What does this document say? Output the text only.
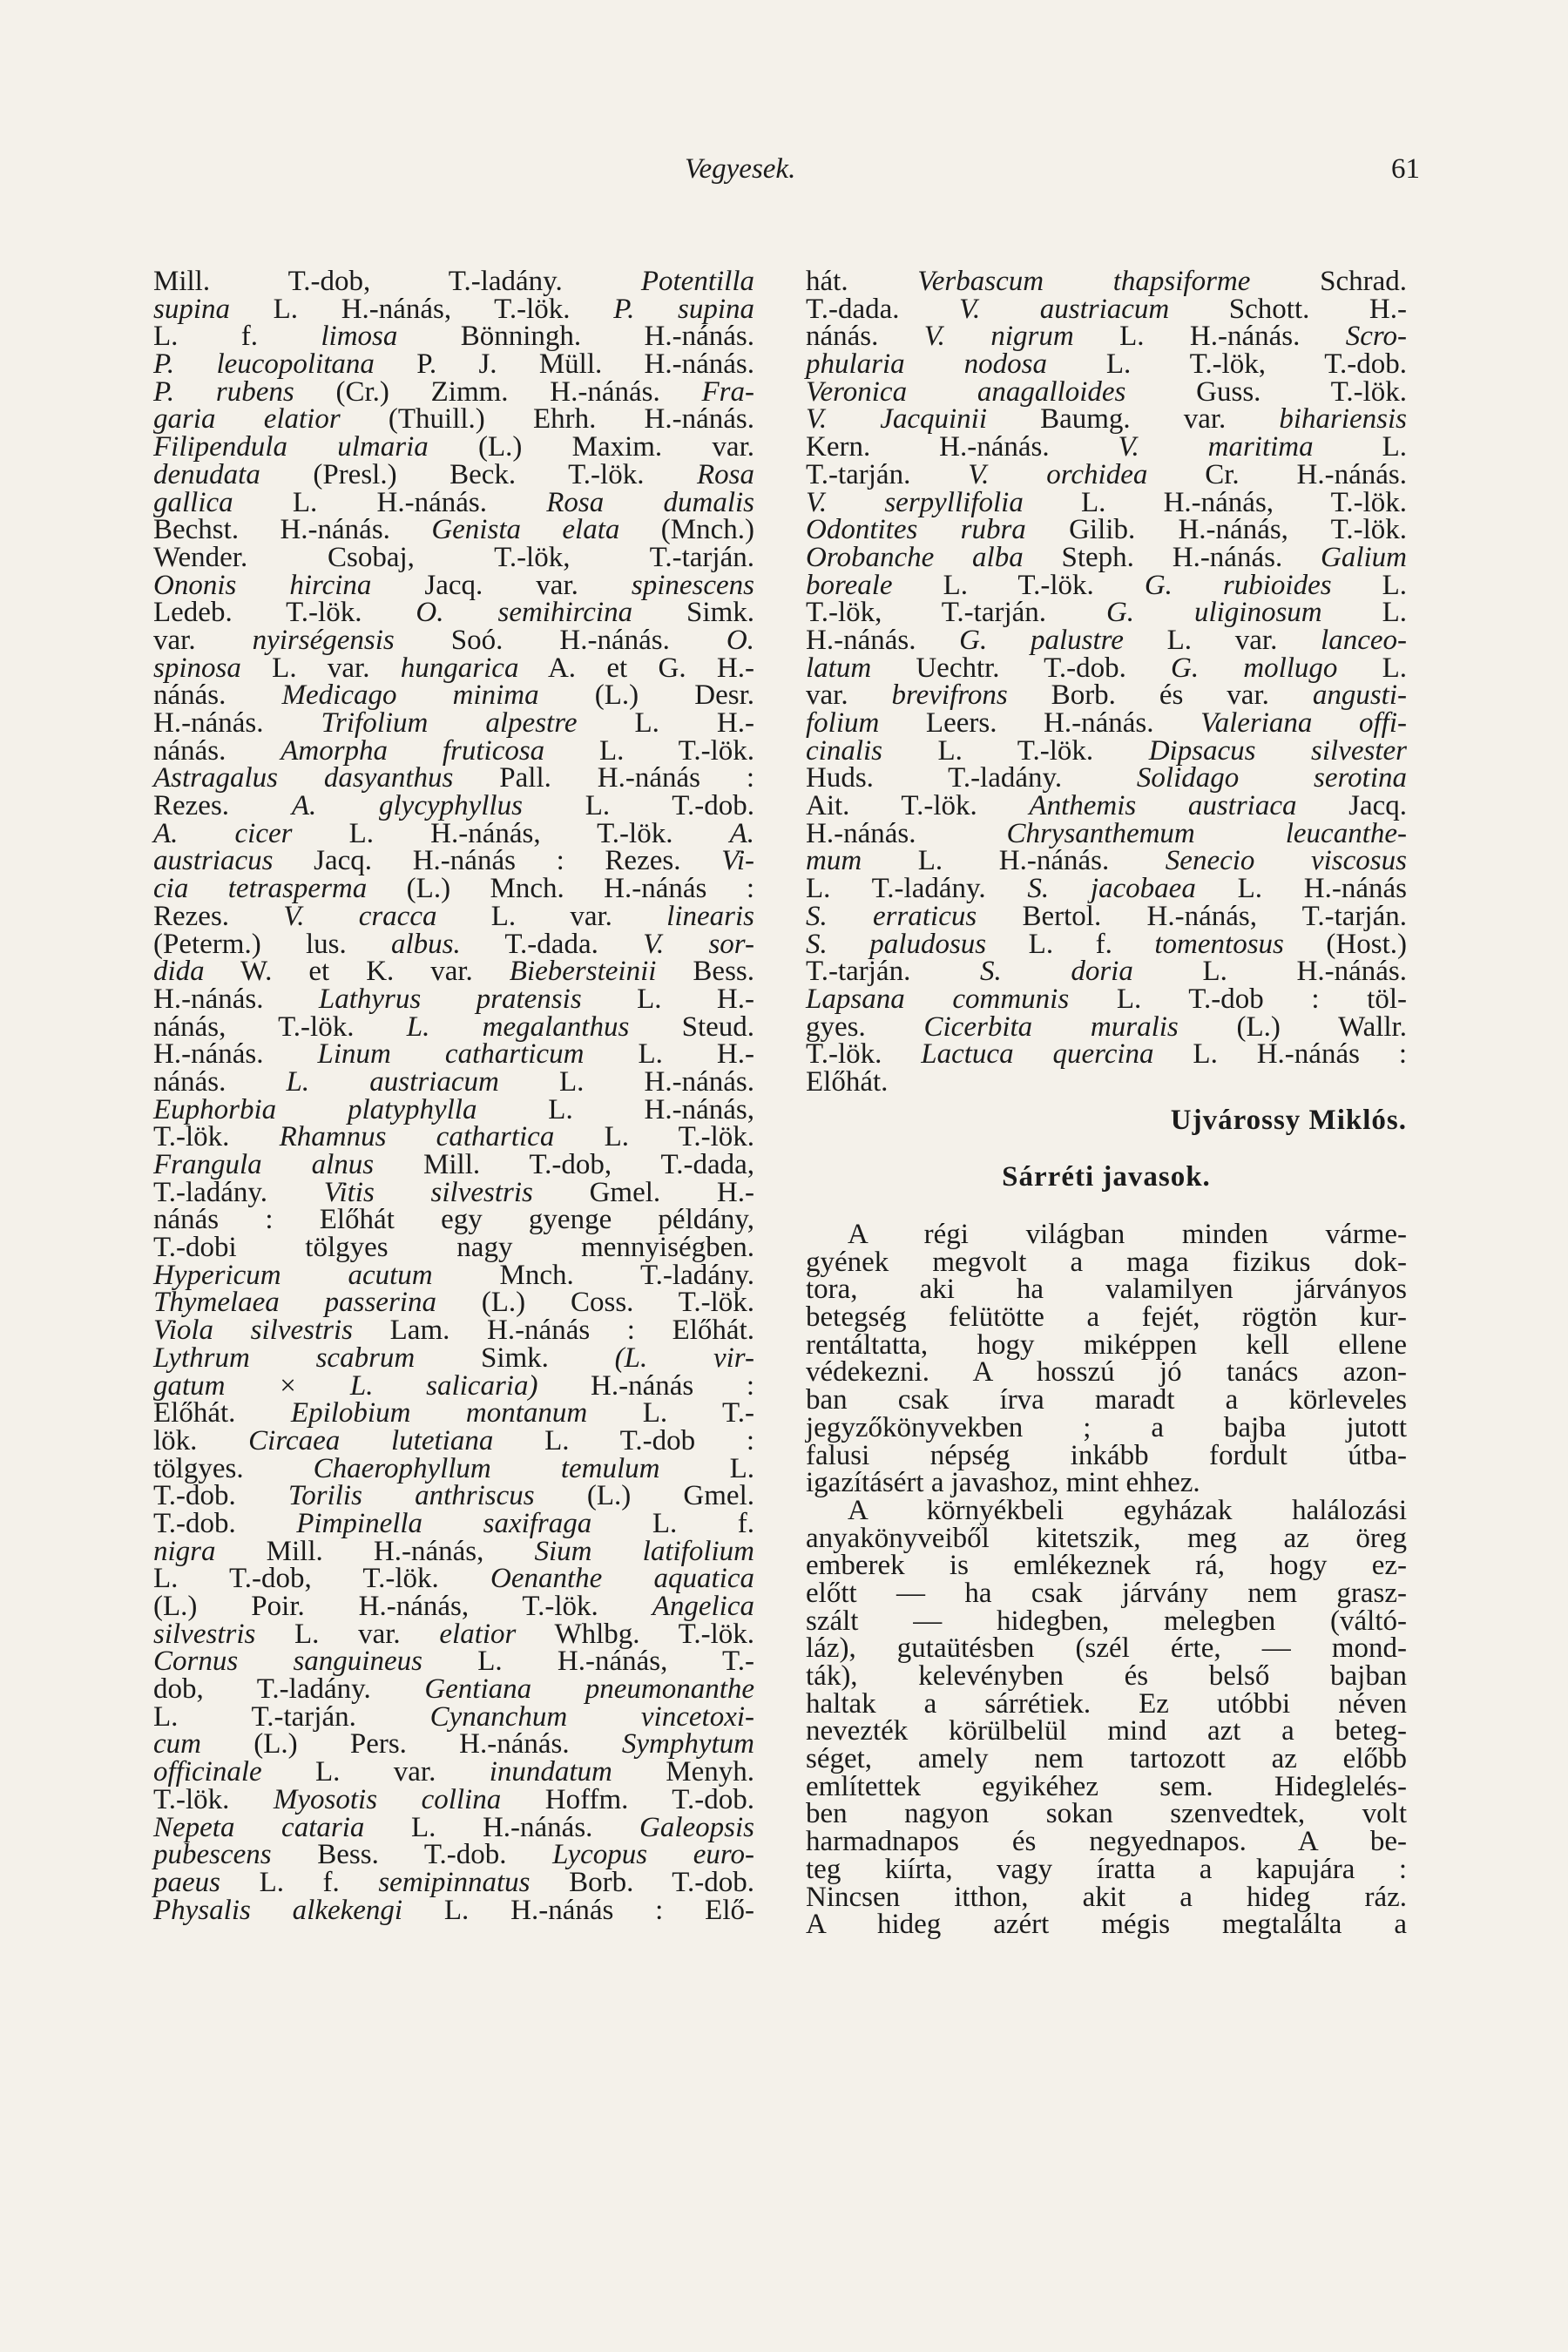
Vegyesek.	61
Mill. T.-dob, T.-ladány. Potentilla
supina L. H.-nánás, T.-lök. P. supina
L. f. limosa Bönningh. H.-nánás.
P. leucopolitana P. J. Müll. H.-nánás.
P. rubens (Cr.) Zimm. H.-nánás. Fra-
garia elatior (Thuill.) Ehrh. H.-nánás.
Filipendula ulmaria (L.) Maxim. var.
denudata (Presl.) Beck. T.-lök. Rosa
gallica L. H.-nánás. Rosa dumalis
Bechst. H.-nánás. Genista elata (Mnch.)
Wender. Csobaj, T.-lök, T.-tarján.
Ononis hircina Jacq. var. spinescens
Ledeb. T.-lök. O. semihircina Simk.
var. nyirségensis Soó. H.-nánás. O.
spinosa L. var. hungarica A. et G. H.-
nánás. Medicago minima (L.) Desr.
H.-nánás. Trifolium alpestre L. H.-
nánás. Amorpha fruticosa L. T.-lök.
Astragalus dasyanthus Pall. H.-nánás :
Rezes. A. glycyphyllus L. T.-dob.
A. cicer L. H.-nánás, T.-lök. A.
austriacus Jacq. H.-nánás : Rezes. Vi-
cia tetrasperma (L.) Mnch. H.-nánás :
Rezes. V. cracca L. var. linearis
(Peterm.) lus. albus. T.-dada. V. sor-
dida W. et K. var. Biebersteinii Bess.
H.-nánás. Lathyrus pratensis L. H.-
nánás, T.-lök. L. megalanthus Steud.
H.-nánás. Linum catharticum L. H.-
nánás. L. austriacum L. H.-nánás.
Euphorbia platyphylla L. H.-nánás,
T.-lök. Rhamnus cathartica L. T.-lök.
Frangula alnus Mill. T.-dob, T.-dada,
T.-ladány. Vitis silvestris Gmel. H.-
nánás : Előhát egy gyenge példány,
T.-dobi tölgyes nagy mennyiségben.
Hypericum acutum Mnch. T.-ladány.
Thymelaea passerina (L.) Coss. T.-lök.
Viola silvestris Lam. H.-nánás : Előhát.
Lythrum scabrum Simk. (L. vir-
gatum × L. salicaria) H.-nánás :
Előhát. Epilobium montanum L. T.-
lök. Circaea lutetiana L. T.-dob :
tölgyes. Chaerophyllum temulum L.
T.-dob. Torilis anthriscus (L.) Gmel.
T.-dob. Pimpinella saxifraga L. f.
nigra Mill. H.-nánás, Sium latifolium
L. T.-dob, T.-lök. Oenanthe aquatica
(L.) Poir. H.-nánás, T.-lök. Angelica
silvestris L. var. elatior Whlbg. T.-lök.
Cornus sanguineus L. H.-nánás, T.-
dob, T.-ladány. Gentiana pneumonanthe
L. T.-tarján. Cynanchum vincetoxi-
cum (L.) Pers. H.-nánás. Symphytum
officinale L. var. inundatum Menyh.
T.-lök. Myosotis collina Hoffm. T.-dob.
Nepeta cataria L. H.-nánás. Galeopsis
pubescens Bess. T.-dob. Lycopus euro-
paeus L. f. semipinnatus Borb. T.-dob.
Physalis alkekengi L. H.-nánás : Elő-
hát. Verbascum thapsiforme Schrad.
T.-dada. V. austriacum Schott. H.-
nánás. V. nigrum L. H.-nánás. Scro-
phularia nodosa L. T.-lök, T.-dob.
Veronica anagalloides Guss. T.-lök.
V. Jacquinii Baumg. var. bihariensis
Kern. H.-nánás. V. maritima L.
T.-tarján. V. orchidea Cr. H.-nánás.
V. serpyllifolia L. H.-nánás, T.-lök.
Odontites rubra Gilib. H.-nánás, T.-lök.
Orobanche alba Steph. H.-nánás. Galium
boreale L. T.-lök. G. rubioides L.
T.-lök, T.-tarján. G. uliginosum L.
H.-nánás. G. palustre L. var. lanceo-
latum Uechtr. T.-dob. G. mollugo L.
var. brevifrons Borb. és var. angusti-
folium Leers. H.-nánás. Valeriana offi-
cinalis L. T.-lök. Dipsacus silvester
Huds. T.-ladány. Solidago serotina
Ait. T.-lök. Anthemis austriaca Jacq.
H.-nánás. Chrysanthemum leucanthe-
mum L. H.-nánás. Senecio viscosus
L. T.-ladány. S. jacobaea L. H.-nánás
S. erraticus Bertol. H.-nánás, T.-tarján.
S. paludosus L. f. tomentosus (Host.)
T.-tarján. S. doria L. H.-nánás.
Lapsana communis L. T.-dob : töl-
gyes. Cicerbita muralis (L.) Wallr.
T.-lök. Lactuca quercina L. H.-nánás :
Előhát.
Ujvárossy Miklós.
Sárréti javasok.
A régi világban minden várme-
gyének megvolt a maga fizikus dok-
tora, aki ha valamilyen járványos
betegség felütötte a fejét, rögtön kur-
rentáltatta, hogy miképpen kell ellene
védekezni. A hosszú jó tanács azon-
ban csak írva maradt a körleveles
jegyzőkönyvekben ; a bajba jutott
falusi népség inkább fordult útba-
igazításért a javashoz, mint ehhez.
A környékbeli egyházak halálozási
anyakönyveiből kitetszik, meg az öreg
emberek is emlékeznek rá, hogy ez-
előtt — ha csak járvány nem grasz-
szált — hidegben, melegben (váltó-
láz), gutaütésben (szél érte, — mond-
ták), kelevényben és belső bajban
haltak a sárrétiek. Ez utóbbi néven
nevezték körülbelül mind azt a beteg-
séget, amely nem tartozott az előbb
említettek egyikéhez sem. Hideglelés-
ben nagyon sokan szenvedtek, volt
harmadnapos és negyednapos. A be-
teg kiírta, vagy íratta a kapujára :
Nincsen itthon, akit a hideg ráz.
A hideg azért mégis megtalálta a
